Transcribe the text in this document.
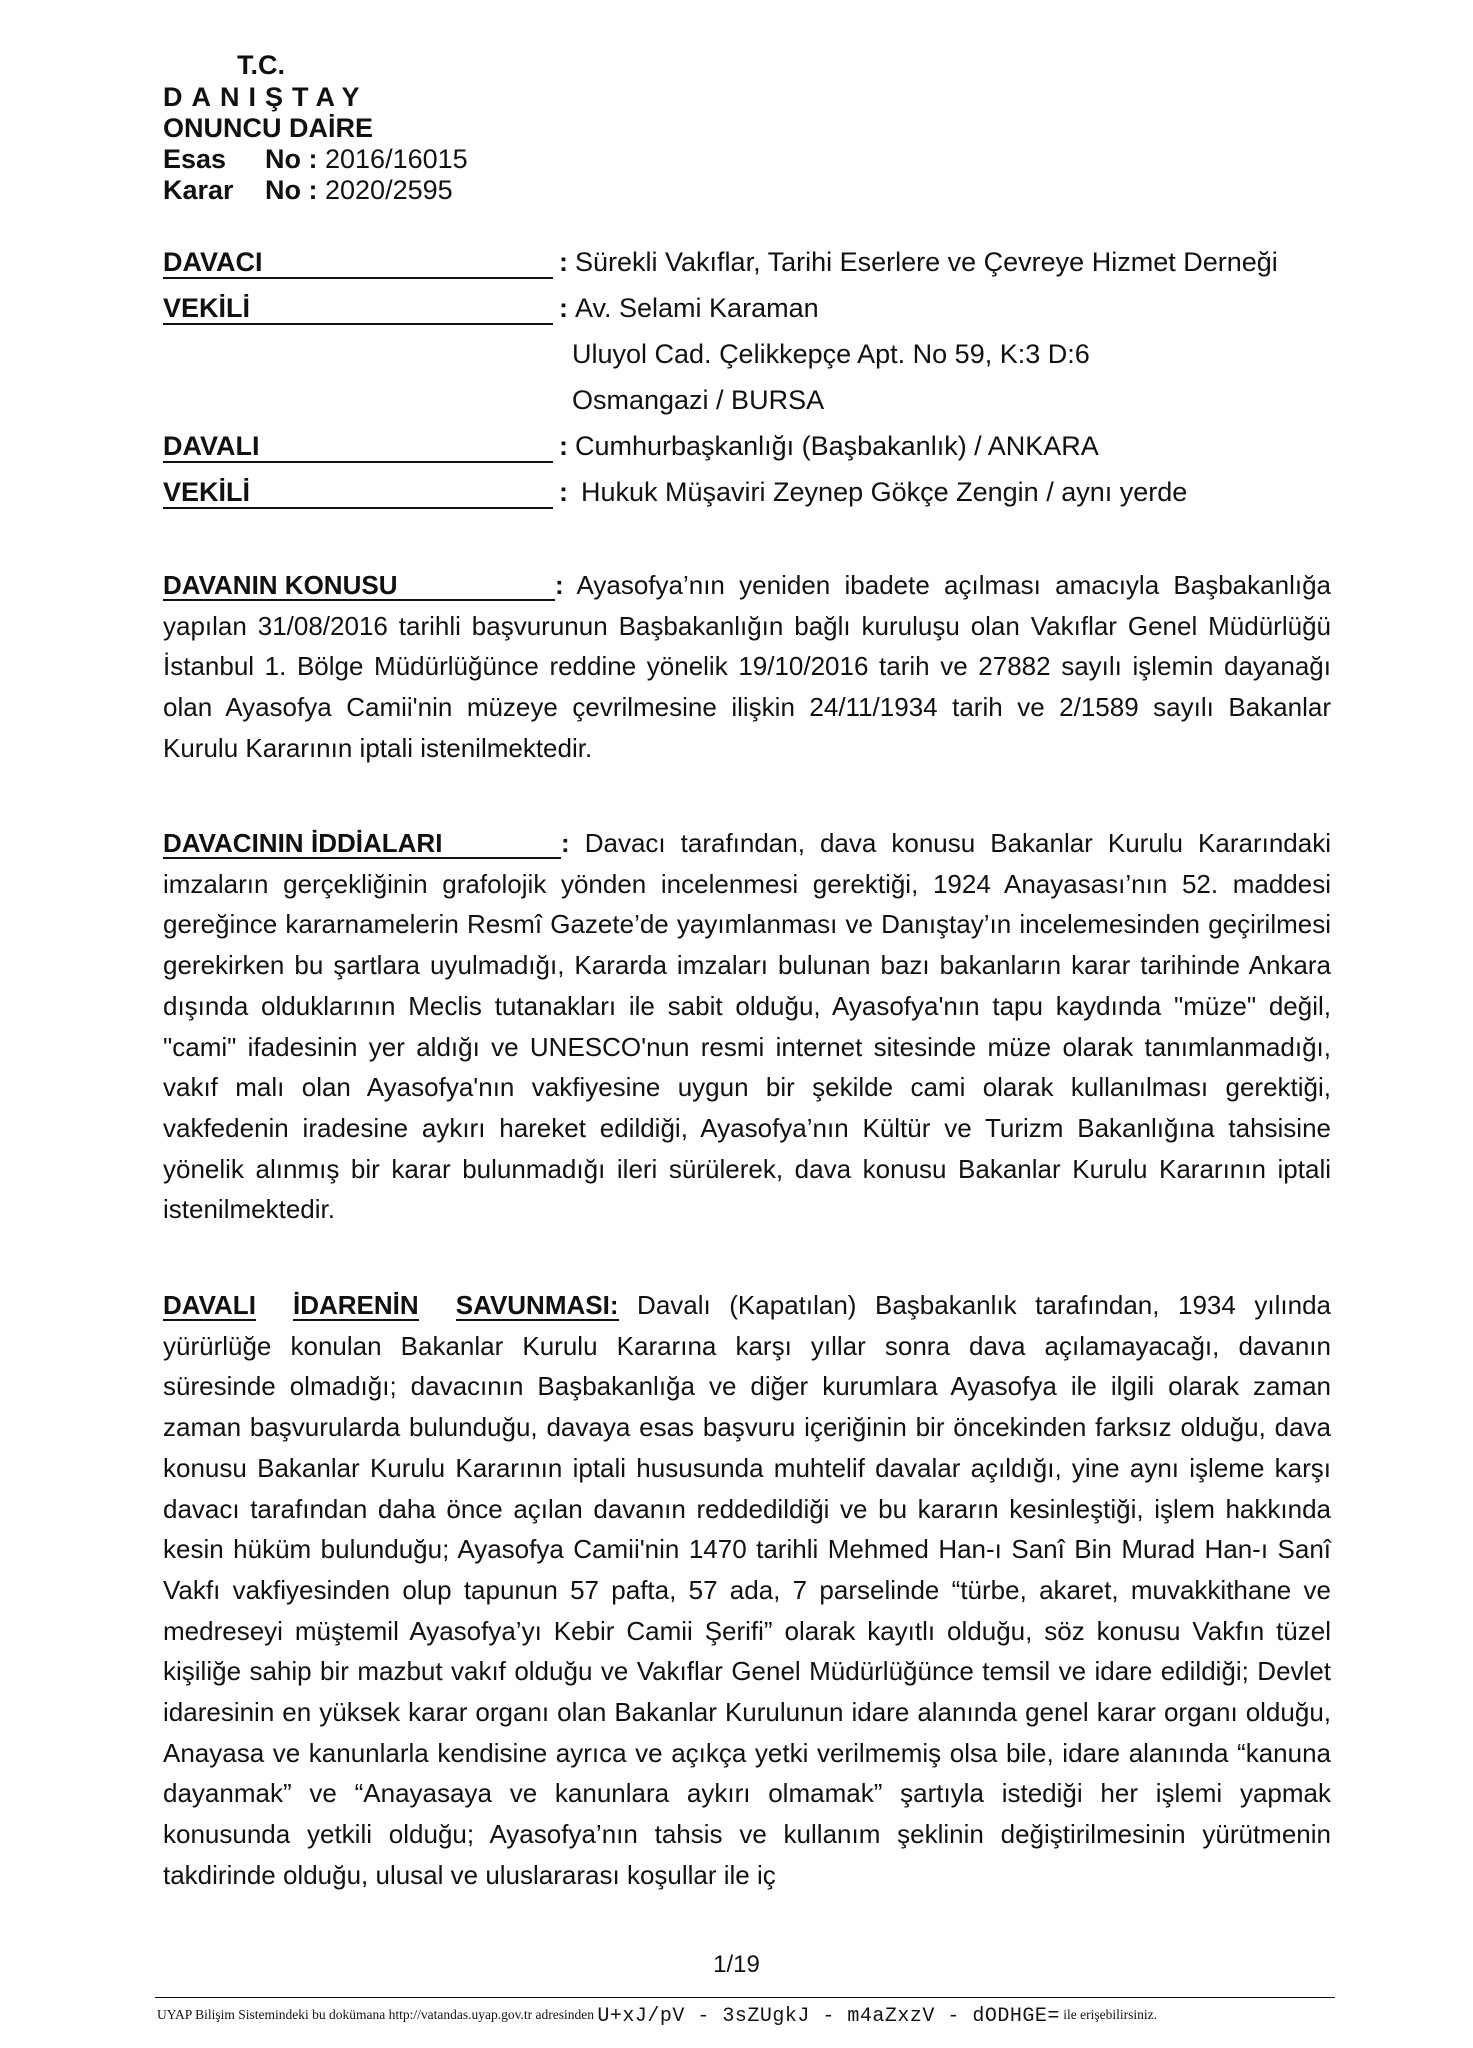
T.C.
DANIŞTAY
ONUNCU DAİRE
Esas No : 2016/16015
Karar No : 2020/2595
DAVACI	: Sürekli Vakıflar, Tarihi Eserlere ve Çevreye Hizmet Derneği
VEKİLİ	: Av. Selami Karaman
Uluyol Cad. Çelikkepçe Apt. No 59, K:3 D:6
Osmangazi / BURSA
DAVALI	: Cumhurbaşkanlığı (Başbakanlık) / ANKARA
VEKİLİ	: Hukuk Müşaviri Zeynep Gökçe Zengin / aynı yerde
DAVANIN KONUSU	: Ayasofya’nın yeniden ibadete açılması amacıyla Başbakanlığa yapılan 31/08/2016 tarihli başvurunun Başbakanlığın bağlı kuruluşu olan Vakıflar Genel Müdürlüğü İstanbul 1. Bölge Müdürlüğünce reddine yönelik 19/10/2016 tarih ve 27882 sayılı işlemin dayanağı olan Ayasofya Camii'nin müzeye çevrilmesine ilişkin 24/11/1934 tarih ve 2/1589 sayılı Bakanlar Kurulu Kararının iptali istenilmektedir.
DAVACININ İDDİALARI	: Davacı tarafından, dava konusu Bakanlar Kurulu Kararındaki imzaların gerçekliğinin grafolojik yönden incelenmesi gerektiği, 1924 Anayasası’nın 52. maddesi gereğince kararnamelerin Resmî Gazete’de yayımlanması ve Danıştay’ın incelemesinden geçirilmesi gerekirken bu şartlara uyulmadığı, Kararda imzaları bulunan bazı bakanların karar tarihinde Ankara dışında olduklarının Meclis tutanakları ile sabit olduğu, Ayasofya'nın tapu kaydında "müze" değil, "cami" ifadesinin yer aldığı ve UNESCO'nun resmi internet sitesinde müze olarak tanımlanmadığı, vakıf malı olan Ayasofya'nın vakfiyesine uygun bir şekilde cami olarak kullanılması gerektiği, vakfedenin iradesine aykırı hareket edildiği, Ayasofya’nın Kültür ve Turizm Bakanlığına tahsisine yönelik alınmış bir karar bulunmadığı ileri sürülerek, dava konusu Bakanlar Kurulu Kararının iptali istenilmektedir.
DAVALI İDARENİN SAVUNMASI: Davalı (Kapatılan) Başbakanlık tarafından, 1934 yılında yürürlüğe konulan Bakanlar Kurulu Kararına karşı yıllar sonra dava açılamayacağı, davanın süresinde olmadığı; davacının Başbakanlığa ve diğer kurumlara Ayasofya ile ilgili olarak zaman zaman başvurularda bulunduğu, davaya esas başvuru içeriğinin bir öncekinden farksız olduğu, dava konusu Bakanlar Kurulu Kararının iptali hususunda muhtelif davalar açıldığı, yine aynı işleme karşı davacı tarafından daha önce açılan davanın reddedildiği ve bu kararın kesinleştiği, işlem hakkında kesin hüküm bulunduğu; Ayasofya Camii'nin 1470 tarihli Mehmed Han-ı Sanî Bin Murad Han-ı Sanî Vakfı vakfiyesinden olup tapunun 57 pafta, 57 ada, 7 parselinde “türbe, akaret, muvakkithane ve medreseyi müştemil Ayasofya’yı Kebir Camii Şerifi” olarak kayıtlı olduğu, söz konusu Vakfın tüzel kişiliğe sahip bir mazbut vakıf olduğu ve Vakıflar Genel Müdürlüğünce temsil ve idare edildiği; Devlet idaresinin en yüksek karar organı olan Bakanlar Kurulunun idare alanında genel karar organı olduğu, Anayasa ve kanunlarla kendisine ayrıca ve açıkça yetki verilmemiş olsa bile, idare alanında “kanuna dayanmak” ve “Anayasaya ve kanunlara aykırı olmamak” şartıyla istediği her işlemi yapmak konusunda yetkili olduğu; Ayasofya’nın tahsis ve kullanım şeklinin değiştirilmesinin yürütmenin takdirinde olduğu, ulusal ve uluslararası koşullar ile iç
1/19
UYAP Bilişim Sistemindeki bu dokümana http://vatandas.uyap.gov.tr adresinden U+xJ/pV - 3sZUgkJ - m4aZxzV - dODHGE= ile erişebilirsiniz.
